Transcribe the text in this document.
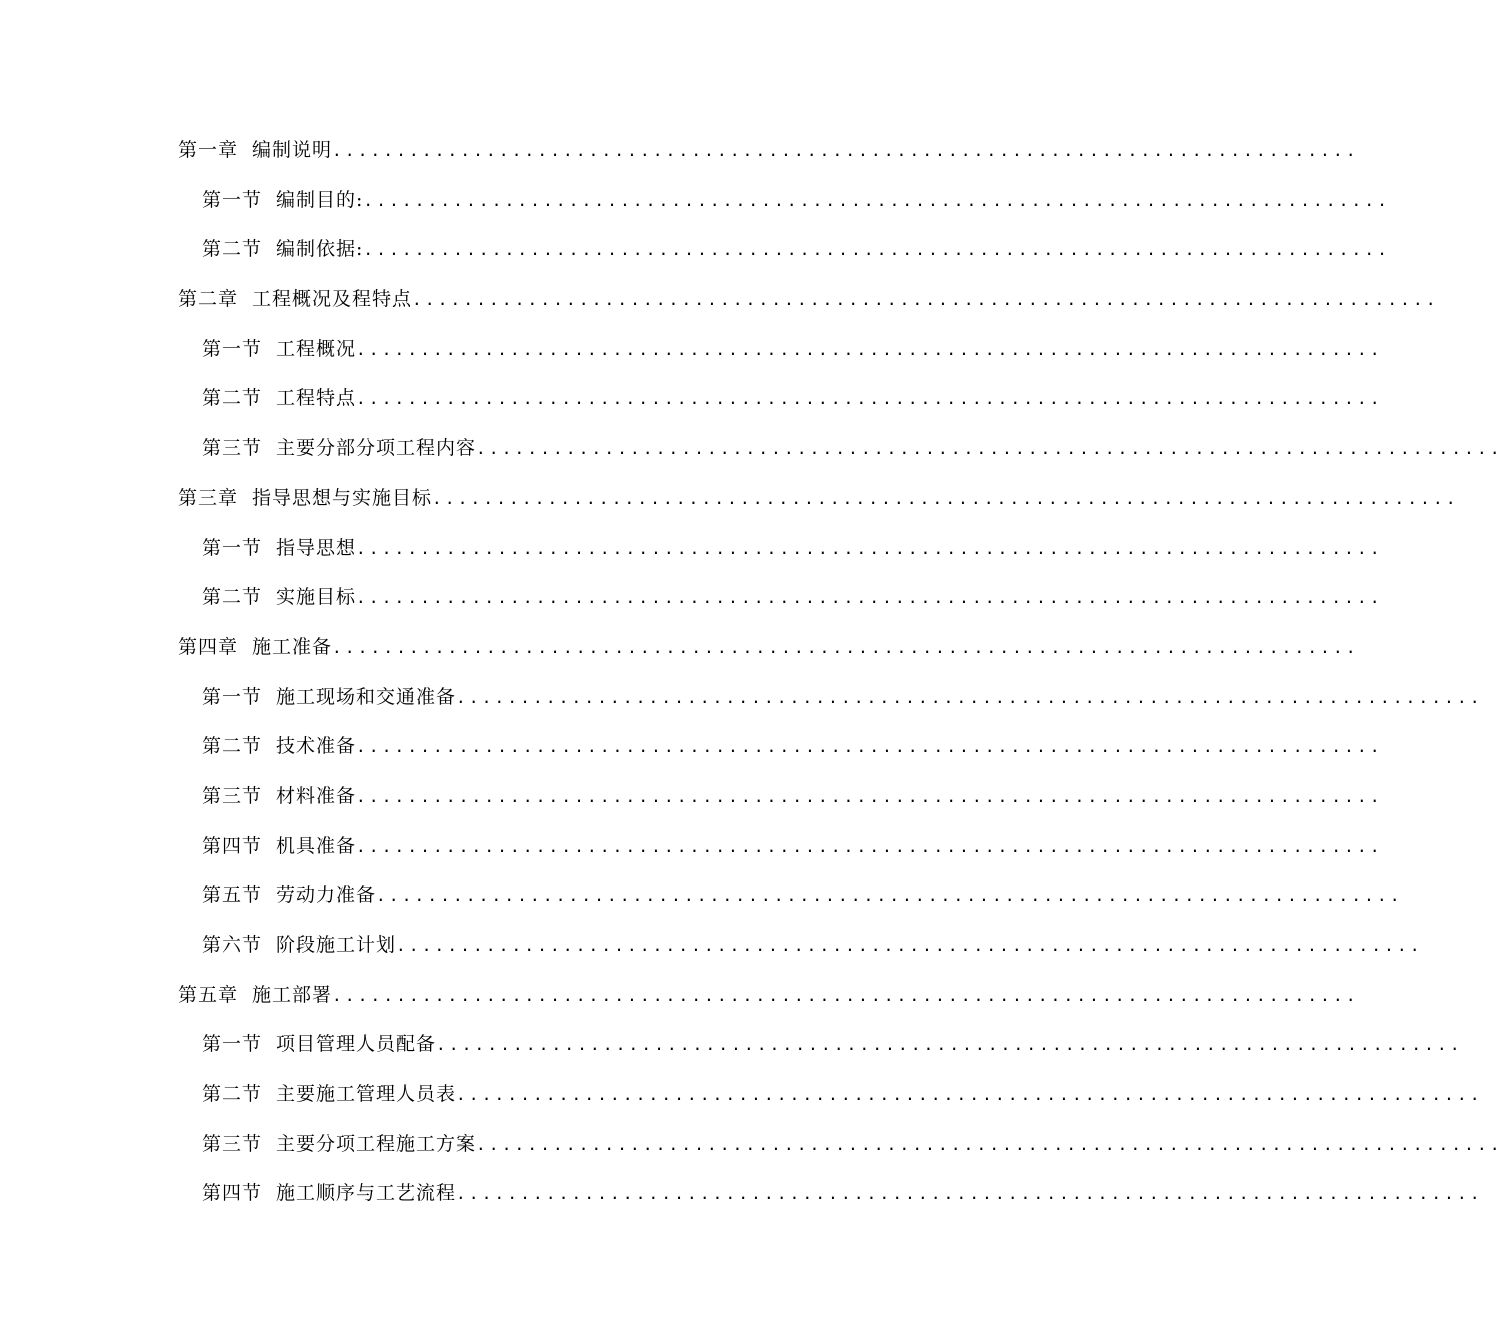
第一章 编制说明 ................................................................................
第一节 编制目的: ................................................................................
第二节 编制依据: ................................................................................
第二章 工程概况及程特点 ................................................................................
第一节 工程概况 ................................................................................
第二节 工程特点 ................................................................................
第三节 主要分部分项工程内容 ................................................................................
第三章 指导思想与实施目标 ................................................................................
第一节 指导思想 ................................................................................
第二节 实施目标 ................................................................................
第四章 施工准备 ................................................................................
第一节 施工现场和交通准备 ................................................................................
第二节 技术准备 ................................................................................
第三节 材料准备 ................................................................................
第四节 机具准备 ................................................................................
第五节 劳动力准备 ................................................................................
第六节 阶段施工计划 ................................................................................
第五章 施工部署 ................................................................................
第一节 项目管理人员配备 ................................................................................
第二节 主要施工管理人员表 ................................................................................
第三节 主要分项工程施工方案 ................................................................................
第四节 施工顺序与工艺流程 ................................................................................
